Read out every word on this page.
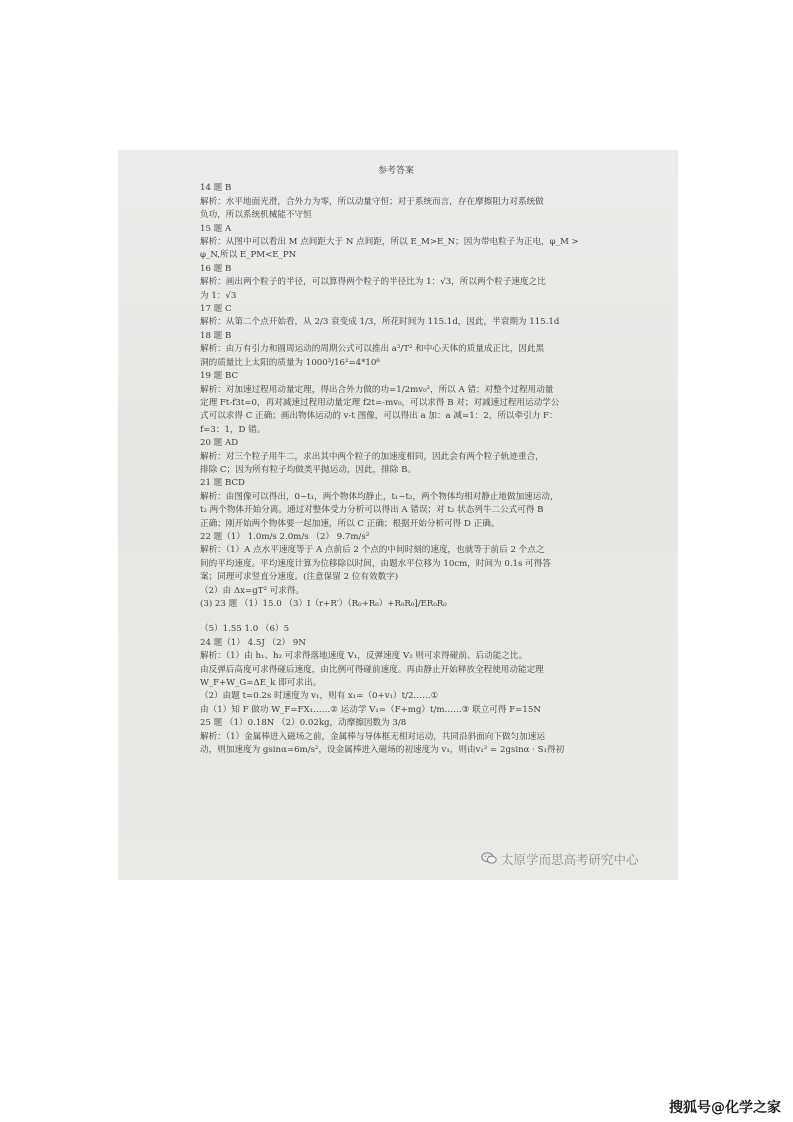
参考答案
14 题 B
解析：水平地面光滑，合外力为零，所以动量守恒；对于系统而言，存在摩擦阻力对系统做
负功，所以系统机械能不守恒
15 题 A
解析：从图中可以看出 M 点间距大于 N 点间距，所以 E_M>E_N；因为带电粒子为正电，φ_M >
φ_N,所以 E_PM<E_PN
16 题 B
解析：画出两个粒子的半径，可以算得两个粒子的半径比为 1：√3，所以两个粒子速度之比
为 1：√3
17 题 C
解析：从第二个点开始看，从 2/3 衰变成 1/3，所花时间为 115.1d，因此，半衰期为 115.1d
18 题 B
解析：由万有引力和圆周运动的周期公式可以推出 a³/T² 和中心天体的质量成正比，因此黑
洞的质量比上太阳的质量为 1000³/16²=4*10⁶
19 题 BC
解析：对加速过程用动量定理，得出合外力做的功=1/2mv₀²，所以 A 错；对整个过程用动量
定理 Ft-f3t=0，再对减速过程用动量定理 f2t=-mv₀，可以求得 B 对；对减速过程用运动学公
式可以求得 C 正确；画出物体运动的 v-t 图像，可以得出 a 加：a 减=1：2，所以牵引力 F：
f=3：1，D 错。
20 题 AD
解析：对三个粒子用牛二，求出其中两个粒子的加速度相同，因此会有两个粒子轨迹重合，
排除 C；因为所有粒子均做类平抛运动，因此，排除 B。
21 题 BCD
解析：由图像可以得出，0~t₁，两个物体均静止，t₁~t₂，两个物体均相对静止地做加速运动，
t₂ 两个物体开始分离。通过对整体受力分析可以得出 A 错误；对 t₂ 状态列牛二公式可得 B
正确；刚开始两个物体要一起加速，所以 C 正确；根据开始分析可得 D 正确。
22 题（1） 1.0m/s 2.0m/s （2） 9.7m/s²
解析：（1）A 点水平速度等于 A 点前后 2 个点的中间时刻的速度，也就等于前后 2 个点之
间的平均速度。平均速度计算为位移除以时间，由题水平位移为 10cm，时间为 0.1s 可得答
案；同理可求竖直分速度。(注意保留 2 位有效数字)
（2）由 Δx=gT² 可求得。
(3) 23 题 （1）15.0 （3）I（r+R′）（R₀+R₀）+R₀R₀]/ER₀R₀
（5）1.55 1.0 （6）5
24 题（1） 4.5J （2） 9N
解析：（1）由 h₁、h₂ 可求得落地速度 V₁，反弹速度 V₂ 则可求得碰前、后动能之比。
由反弹后高度可求得碰后速度，由比例可得碰前速度。再由静止开始释放全程使用动能定理
W_F+W_G=ΔE_k 即可求出。
（2）由题 t=0.2s 时速度为 v₁，则有 x₁=（0+v₁）t/2……①
由（1）知 F 做功 W_F=FX₁……② 运动学 V₁=（F+mg）t/m……③ 联立可得 F=15N
25 题 （1）0.18N （2）0.02kg，动摩擦因数为 3/8
解析：（1）金属棒进入磁场之前，金属棒与导体框无相对运动，共同沿斜面向下做匀加速运
动，则加速度为 gsinα=6m/s²，设金属棒进入磁场的初速度为 v₁，则由v₁² = 2gsinα · S₁得初
太原学而思高考研究中心
搜狐号@化学之家
